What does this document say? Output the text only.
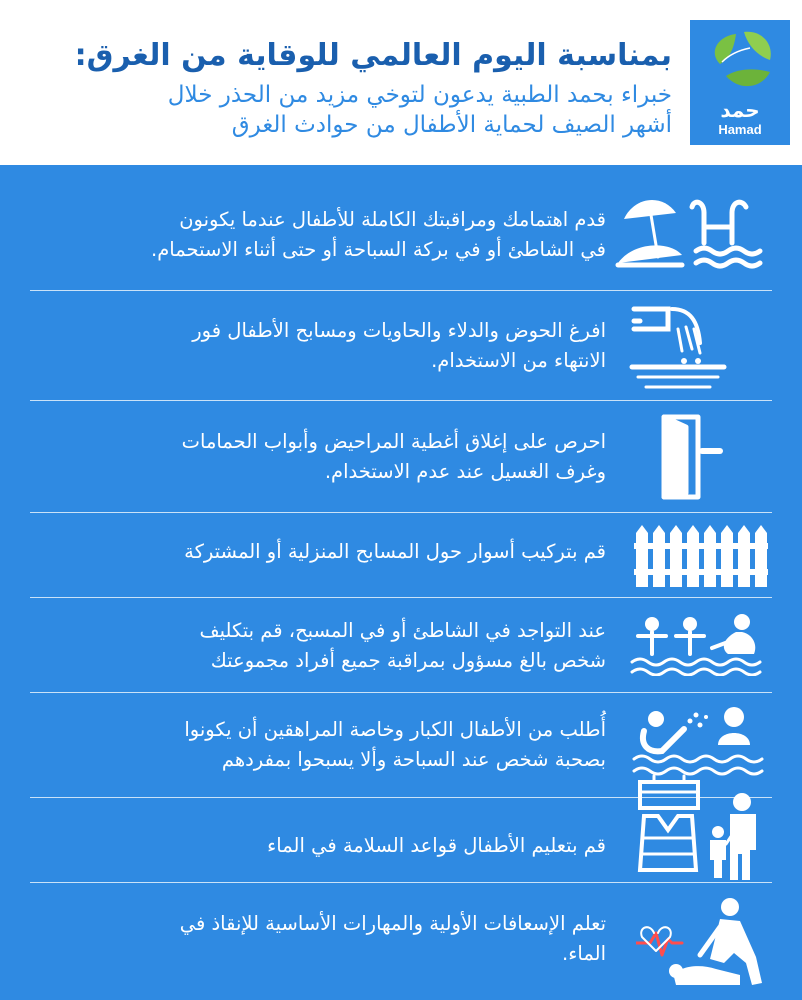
بمناسبة اليوم العالمي للوقاية من الغرق:
خبراء بحمد الطبية يدعون لتوخي مزيد من الحذر خلال
أشهر الصيف لحماية الأطفال من حوادث الغرق
حمد
Hamad
قدم اهتمامك ومراقبتك الكاملة للأطفال عندما يكونون
في الشاطئ أو في بركة السباحة أو حتى أثناء الاستحمام.
افرغ الحوض والدلاء والحاويات ومسابح الأطفال فور
الانتهاء من الاستخدام.
احرص على إغلاق أغطية المراحيض وأبواب الحمامات
وغرف الغسيل عند عدم الاستخدام.
قم بتركيب أسوار حول المسابح المنزلية أو المشتركة
عند التواجد في الشاطئ أو في المسبح، قم بتكليف
شخص بالغ مسؤول بمراقبة جميع أفراد مجموعتك
أُطلب من الأطفال الكبار وخاصة المراهقين أن يكونوا
بصحبة شخص عند السباحة وألا يسبحوا بمفردهم
قم بتعليم الأطفال قواعد السلامة في الماء
تعلم الإسعافات الأولية والمهارات الأساسية للإنقاذ في
الماء.
